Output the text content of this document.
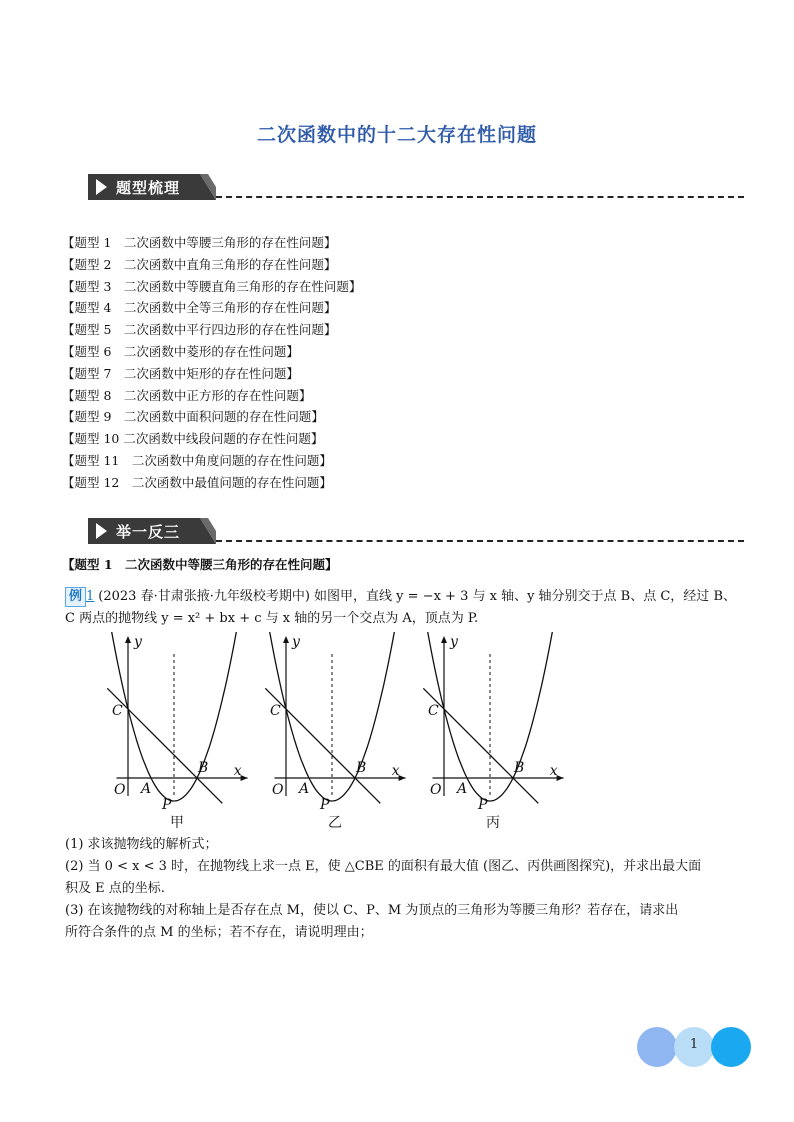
二次函数中的十二大存在性问题
题型梳理
【题型 1　二次函数中等腰三角形的存在性问题】
【题型 2　二次函数中直角三角形的存在性问题】
【题型 3　二次函数中等腰直角三角形的存在性问题】
【题型 4　二次函数中全等三角形的存在性问题】
【题型 5　二次函数中平行四边形的存在性问题】
【题型 6　二次函数中菱形的存在性问题】
【题型 7　二次函数中矩形的存在性问题】
【题型 8　二次函数中正方形的存在性问题】
【题型 9　二次函数中面积问题的存在性问题】
【题型 10 二次函数中线段问题的存在性问题】
【题型 11　二次函数中角度问题的存在性问题】
【题型 12　二次函数中最值问题的存在性问题】
举一反三
【题型 1　二次函数中等腰三角形的存在性问题】
例 1 (2023 春·甘肃张掖·九年级校考期中) 如图甲，直线 y = −x + 3 与 x 轴、y 轴分别交于点 B、点 C，经过 B、
C 两点的抛物线 y = x² + bx + c 与 x 轴的另一个交点为 A，顶点为 P.
y
x
C
O A
P
B
甲
y
x
C
O A
P
B
乙
y
x
C
O A
P
B
丙

(1) 求该抛物线的解析式；

(2) 当 0 < x < 3 时，在抛物线上求一点 E，使 △CBE 的面积有最大值 (图乙、丙供画图探究)，并求出最大面

积及 E 点的坐标.

(3) 在该抛物线的对称轴上是否存在点 M，使以 C、P、M 为顶点的三角形为等腰三角形？若存在，请求出

所符合条件的点 M 的坐标；若不存在，请说明理由；

1
